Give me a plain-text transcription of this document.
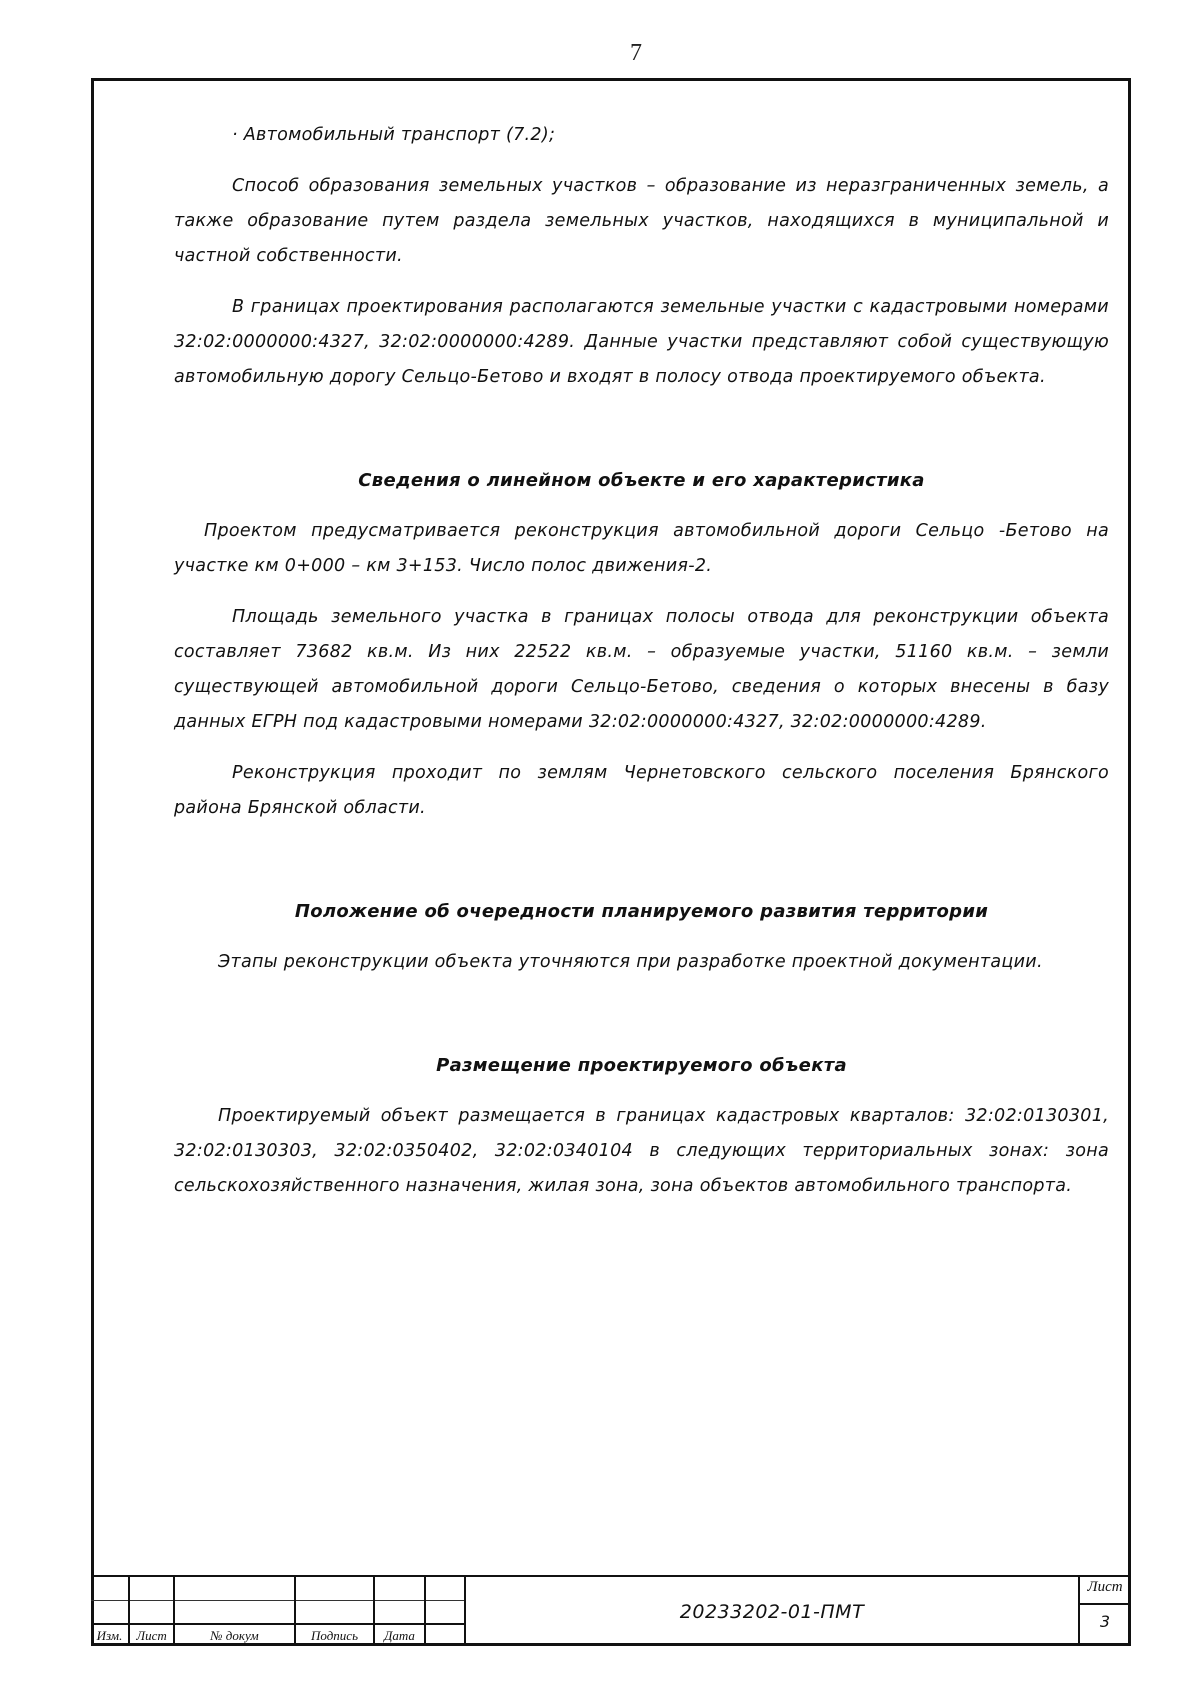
7

· Автомобильный транспорт (7.2);

Способ образования земельных участков – образование из неразграниченных земель, а также образование путем раздела земельных участков, находящихся в муниципальной и частной собственности.

В границах проектирования располагаются земельные участки с кадастровыми номерами 32:02:0000000:4327, 32:02:0000000:4289. Данные участки представляют собой существующую автомобильную дорогу Сельцо-Бетово и входят в полосу отвода проектируемого объекта.

Сведения о линейном объекте и его характеристика

Проектом предусматривается реконструкция автомобильной дороги Сельцо -Бетово на участке км 0+000 – км 3+153. Число полос движения-2.

Площадь земельного участка в границах полосы отвода для реконструкции объекта составляет 73682 кв.м. Из них 22522 кв.м. – образуемые участки, 51160 кв.м. – земли существующей автомобильной дороги Сельцо-Бетово, сведения о которых внесены в базу данных ЕГРН под кадастровыми номерами 32:02:0000000:4327, 32:02:0000000:4289.

Реконструкция проходит по землям Чернетовского сельского поселения Брянского района Брянской области.

Положение об очередности планируемого развития территории

Этапы реконструкции объекта уточняются при разработке проектной документации.

Размещение проектируемого объекта

Проектируемый объект размещается в границах кадастровых кварталов: 32:02:0130301, 32:02:0130303, 32:02:0350402, 32:02:0340104 в следующих территориальных зонах: зона сельскохозяйственного назначения, жилая зона, зона объектов автомобильного транспорта.

Изм.	Лист	№ докум	Подпись	Дата
20233202-01-ПМТ
Лист
3
